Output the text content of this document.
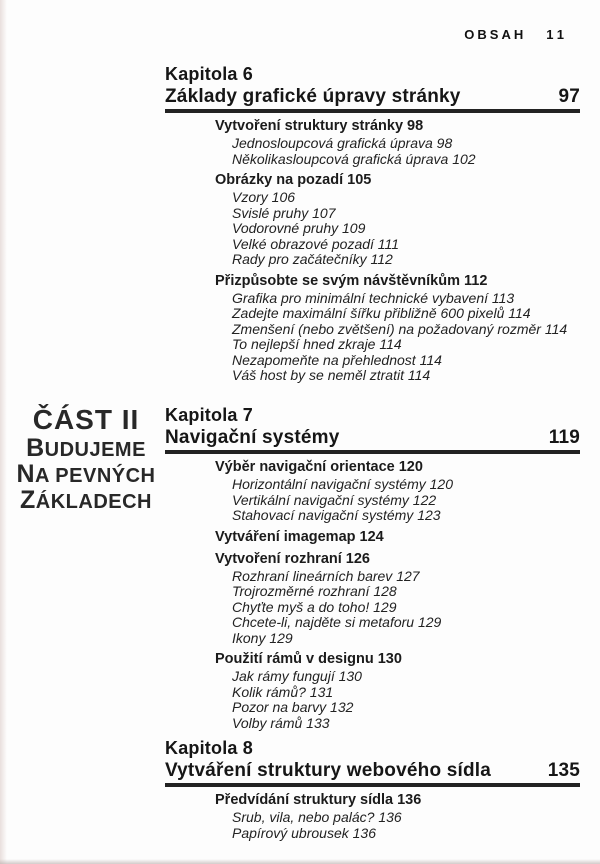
OBSAH 11
ČÁST II
BUDUJEME
NA PEVNÝCH
ZÁKLADECH
Kapitola 6
Základy grafické úpravy stránky	97
Vytvoření struktury stránky 98
Jednosloupcová grafická úprava 98
Několikasloupcová grafická úprava 102
Obrázky na pozadí 105
Vzory 106
Svislé pruhy 107
Vodorovné pruhy 109
Velké obrazové pozadí 111
Rady pro začátečníky 112
Přizpůsobte se svým návštěvníkům 112
Grafika pro minimální technické vybavení 113
Zadejte maximální šířku přibližně 600 pixelů 114
Zmenšení (nebo zvětšení) na požadovaný rozměr 114
To nejlepší hned zkraje 114
Nezapomeňte na přehlednost 114
Váš host by se neměl ztratit 114
Kapitola 7
Navigační systémy	119
Výběr navigační orientace 120
Horizontální navigační systémy 120
Vertikální navigační systémy 122
Stahovací navigační systémy 123
Vytváření imagemap 124
Vytvoření rozhraní 126
Rozhraní lineárních barev 127
Trojrozměrné rozhraní 128
Chyťte myš a do toho! 129
Chcete-li, najděte si metaforu 129
Ikony 129
Použití rámů v designu 130
Jak rámy fungují 130
Kolik rámů? 131
Pozor na barvy 132
Volby rámů 133
Kapitola 8
Vytváření struktury webového sídla	135
Předvídání struktury sídla 136
Srub, vila, nebo palác? 136
Papírový ubrousek 136
